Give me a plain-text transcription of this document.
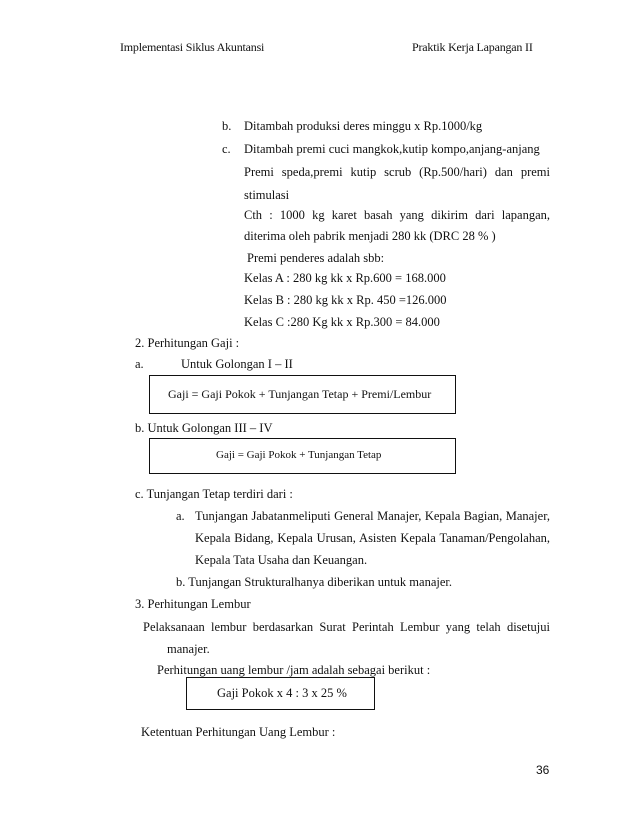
Implementasi Siklus Akuntansi	Praktik Kerja Lapangan II
b. Ditambah produksi deres minggu x Rp.1000/kg
c. Ditambah premi cuci mangkok,kutip kompo,anjang-anjang
Premi speda,premi kutip scrub (Rp.500/hari) dan premi
stimulasi
Cth : 1000 kg karet basah yang dikirim dari lapangan,
diterima oleh pabrik menjadi 280 kk (DRC 28 % )
Premi penderes adalah sbb:
Kelas A : 280 kg kk x Rp.600 = 168.000
Kelas B : 280 kg kk x Rp. 450 =126.000
Kelas C :280 Kg kk x Rp.300 = 84.000
2. Perhitungan Gaji :
a.	Untuk Golongan I – II
Gaji = Gaji Pokok + Tunjangan Tetap + Premi/Lembur
b. Untuk Golongan III – IV
Gaji = Gaji Pokok + Tunjangan Tetap
c. Tunjangan Tetap terdiri dari :
a. Tunjangan Jabatanmeliputi General Manajer, Kepala Bagian, Manajer,
Kepala Bidang, Kepala Urusan, Asisten Kepala Tanaman/Pengolahan,
Kepala Tata Usaha dan Keuangan.
b. Tunjangan Strukturalhanya diberikan untuk manajer.
3. Perhitungan Lembur
Pelaksanaan lembur berdasarkan Surat Perintah Lembur yang telah disetujui
manajer.
Perhitungan uang lembur /jam adalah sebagai berikut :
Gaji Pokok x 4 : 3 x 25 %
Ketentuan Perhitungan Uang Lembur :
36
